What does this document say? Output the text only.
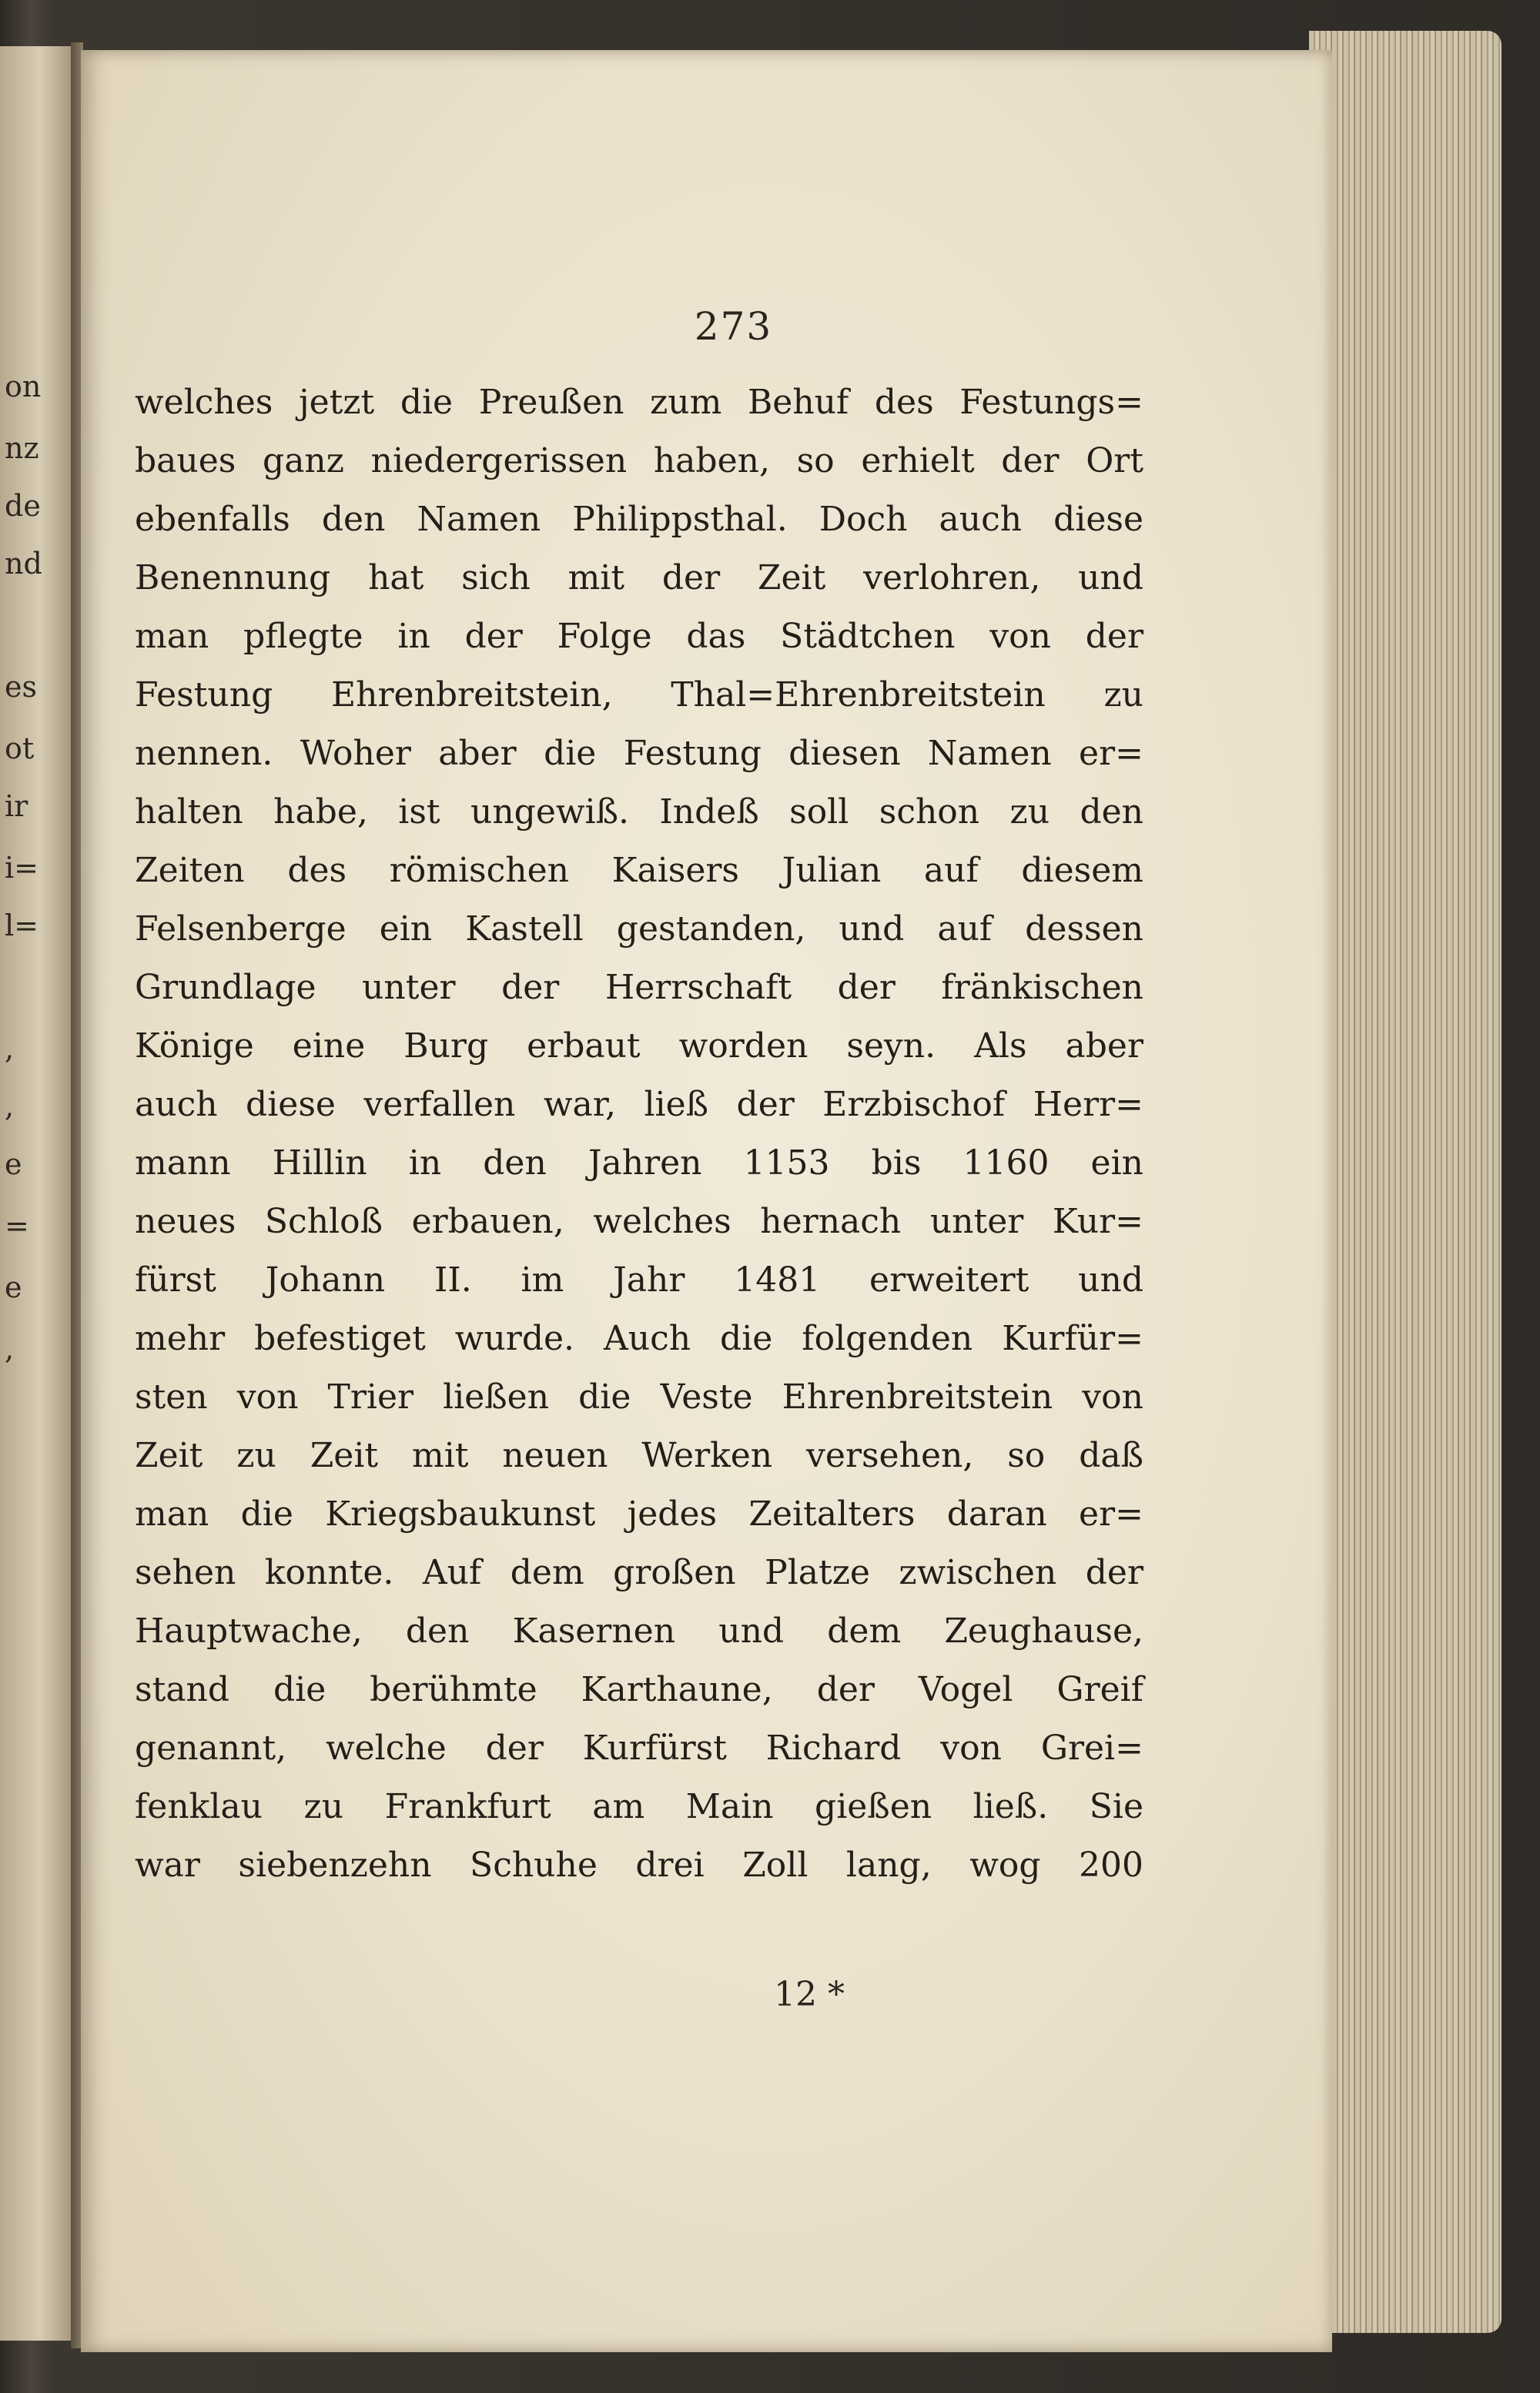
on
nz
de
nd
es
ot
ir
i=
l=
,
,
e
=
e
,
273
welches jetzt die Preußen zum Behuf des Festungs=
baues ganz niedergerissen haben, so erhielt der Ort
ebenfalls den Namen Philippsthal. Doch auch diese
Benennung hat sich mit der Zeit verlohren, und
man pflegte in der Folge das Städtchen von der
Festung Ehrenbreitstein, Thal=Ehrenbreitstein zu
nennen. Woher aber die Festung diesen Namen er=
halten habe, ist ungewiß. Indeß soll schon zu den
Zeiten des römischen Kaisers Julian auf diesem
Felsenberge ein Kastell gestanden, und auf dessen
Grundlage unter der Herrschaft der fränkischen
Könige eine Burg erbaut worden seyn. Als aber
auch diese verfallen war, ließ der Erzbischof Herr=
mann Hillin in den Jahren 1153 bis 1160 ein
neues Schloß erbauen, welches hernach unter Kur=
fürst Johann II. im Jahr 1481 erweitert und
mehr befestiget wurde. Auch die folgenden Kurfür=
sten von Trier ließen die Veste Ehrenbreitstein von
Zeit zu Zeit mit neuen Werken versehen, so daß
man die Kriegsbaukunst jedes Zeitalters daran er=
sehen konnte. Auf dem großen Platze zwischen der
Hauptwache, den Kasernen und dem Zeughause,
stand die berühmte Karthaune, der Vogel Greif
genannt, welche der Kurfürst Richard von Grei=
fenklau zu Frankfurt am Main gießen ließ. Sie
war siebenzehn Schuhe drei Zoll lang, wog 200
12 *
